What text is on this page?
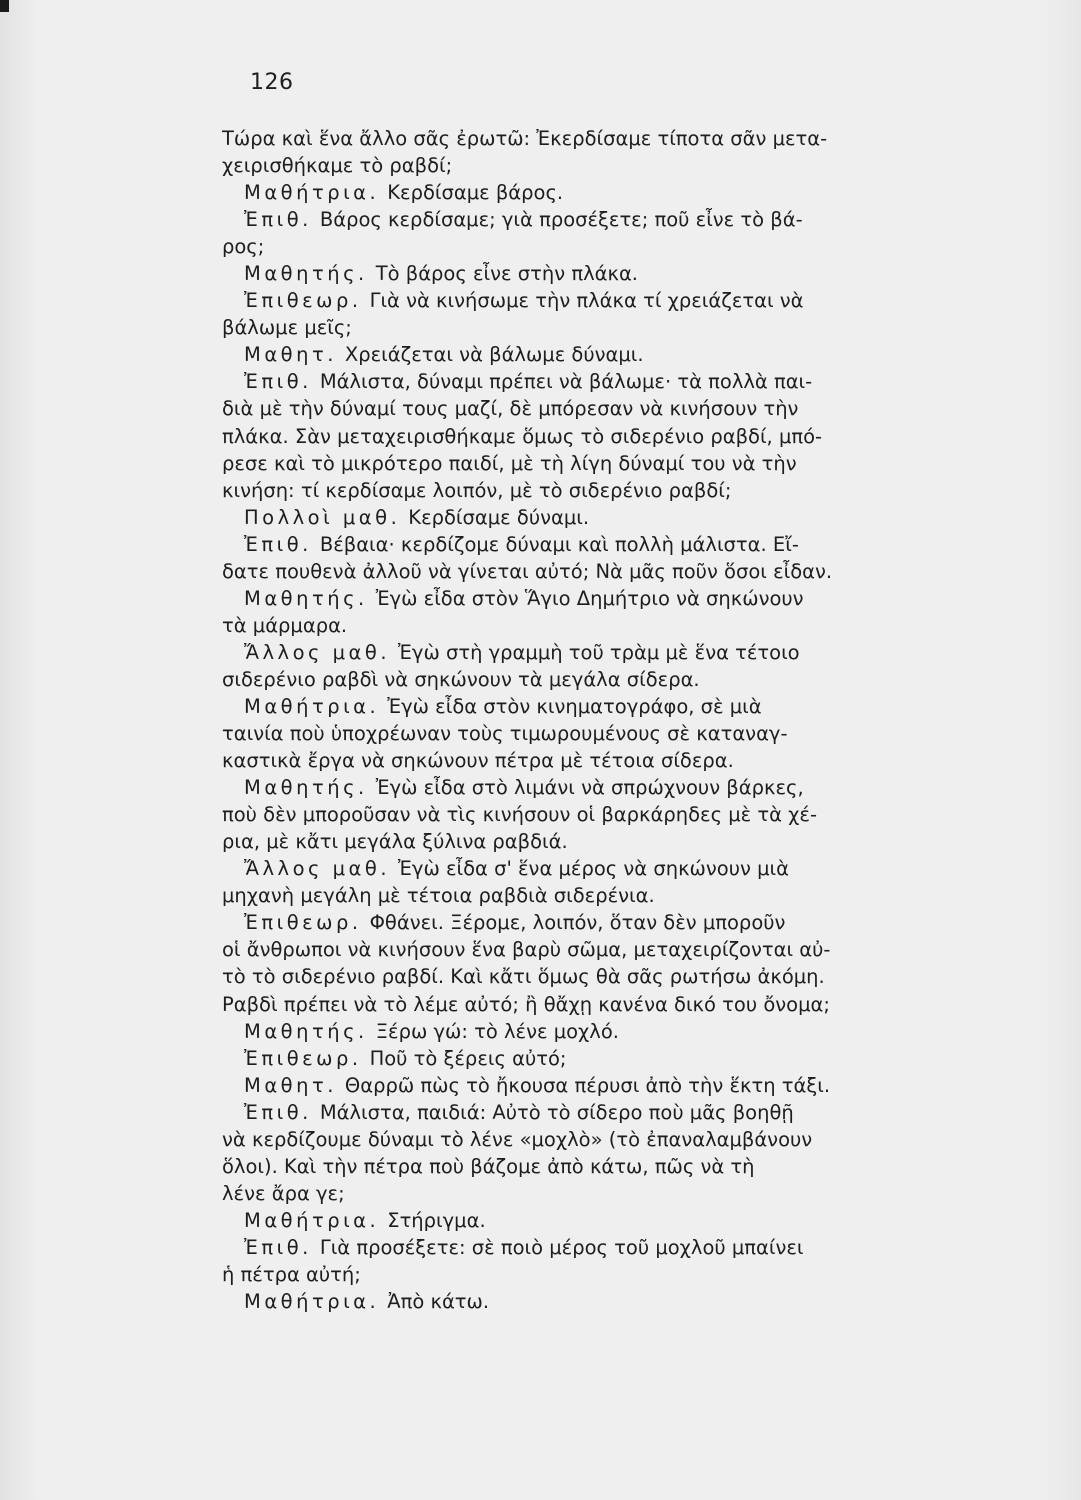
126
Τώρα καὶ ἕνα ἄλλο σᾶς ἐρωτῶ: Ἐκερδίσαμε τίποτα σᾶν μετα-
χειρισθήκαμε τὸ ραβδί;
Μαθήτρια. Κερδίσαμε βάρος.
Ἐπιθ. Βάρος κερδίσαμε; γιὰ προσέξετε; ποῦ εἶνε τὸ βά-
ρος;
Μαθητής. Τὸ βάρος εἶνε στὴν πλάκα.
Ἐπιθεωρ. Γιὰ νὰ κινήσωμε τὴν πλάκα τί χρειάζεται νὰ
βάλωμε μεῖς;
Μαθητ. Χρειάζεται νὰ βάλωμε δύναμι.
Ἐπιθ. Μάλιστα, δύναμι πρέπει νὰ βάλωμε· τὰ πολλὰ παι-
διὰ μὲ τὴν δύναμί τους μαζί, δὲ μπόρεσαν νὰ κινήσουν τὴν
πλάκα. Σὰν μεταχειρισθήκαμε ὅμως τὸ σιδερένιο ραβδί, μπό-
ρεσε καὶ τὸ μικρότερο παιδί, μὲ τὴ λίγη δύναμί του νὰ τὴν
κινήση: τί κερδίσαμε λοιπόν, μὲ τὸ σιδερένιο ραβδί;
Πολλοὶ μαθ. Κερδίσαμε δύναμι.
Ἐπιθ. Βέβαια· κερδίζομε δύναμι καὶ πολλὴ μάλιστα. Εἴ-
δατε πουθενὰ ἀλλοῦ νὰ γίνεται αὐτό; Νὰ μᾶς ποῦν ὅσοι εἶδαν.
Μαθητής. Ἐγὼ εἶδα στὸν Ἅγιο Δημήτριο νὰ σηκώνουν
τὰ μάρμαρα.
Ἄλλος μαθ. Ἐγὼ στὴ γραμμὴ τοῦ τρὰμ μὲ ἕνα τέτοιο
σιδερένιο ραβδὶ νὰ σηκώνουν τὰ μεγάλα σίδερα.
Μαθήτρια. Ἐγὼ εἶδα στὸν κινηματογράφο, σὲ μιὰ
ταινία ποὺ ὑποχρέωναν τοὺς τιμωρουμένους σὲ καταναγ-
καστικὰ ἔργα νὰ σηκώνουν πέτρα μὲ τέτοια σίδερα.
Μαθητής. Ἐγὼ εἶδα στὸ λιμάνι νὰ σπρώχνουν βάρκες,
ποὺ δὲν μποροῦσαν νὰ τὶς κινήσουν οἱ βαρκάρηδες μὲ τὰ χέ-
ρια, μὲ κἄτι μεγάλα ξύλινα ραβδιά.
Ἄλλος μαθ. Ἐγὼ εἶδα σ' ἕνα μέρος νὰ σηκώνουν μιὰ
μηχανὴ μεγάλη μὲ τέτοια ραβδιὰ σιδερένια.
Ἐπιθεωρ. Φθάνει. Ξέρομε, λοιπόν, ὅταν δὲν μποροῦν
οἱ ἄνθρωποι νὰ κινήσουν ἕνα βαρὺ σῶμα, μεταχειρίζονται αὐ-
τὸ τὸ σιδερένιο ραβδί. Καὶ κἄτι ὅμως θὰ σᾶς ρωτήσω ἀκόμη.
Ραβδὶ πρέπει νὰ τὸ λέμε αὐτό; ἢ θἄχῃ κανένα δικό του ὄνομα;
Μαθητής. Ξέρω γώ: τὸ λένε μοχλό.
Ἐπιθεωρ. Ποῦ τὸ ξέρεις αὐτό;
Μαθητ. Θαρρῶ πὼς τὸ ἤκουσα πέρυσι ἀπὸ τὴν ἕκτη τάξι.
Ἐπιθ. Μάλιστα, παιδιά: Αὐτὸ τὸ σίδερο ποὺ μᾶς βοηθῇ
νὰ κερδίζουμε δύναμι τὸ λένε «μοχλὸ» (τὸ ἐπαναλαμβάνουν
ὅλοι). Καὶ τὴν πέτρα ποὺ βάζομε ἀπὸ κάτω, πῶς νὰ τὴ
λένε ἄρα γε;
Μαθήτρια. Στήριγμα.
Ἐπιθ. Γιὰ προσέξετε: σὲ ποιὸ μέρος τοῦ μοχλοῦ μπαίνει
ἡ πέτρα αὐτή;
Μαθήτρια. Ἀπὸ κάτω.
